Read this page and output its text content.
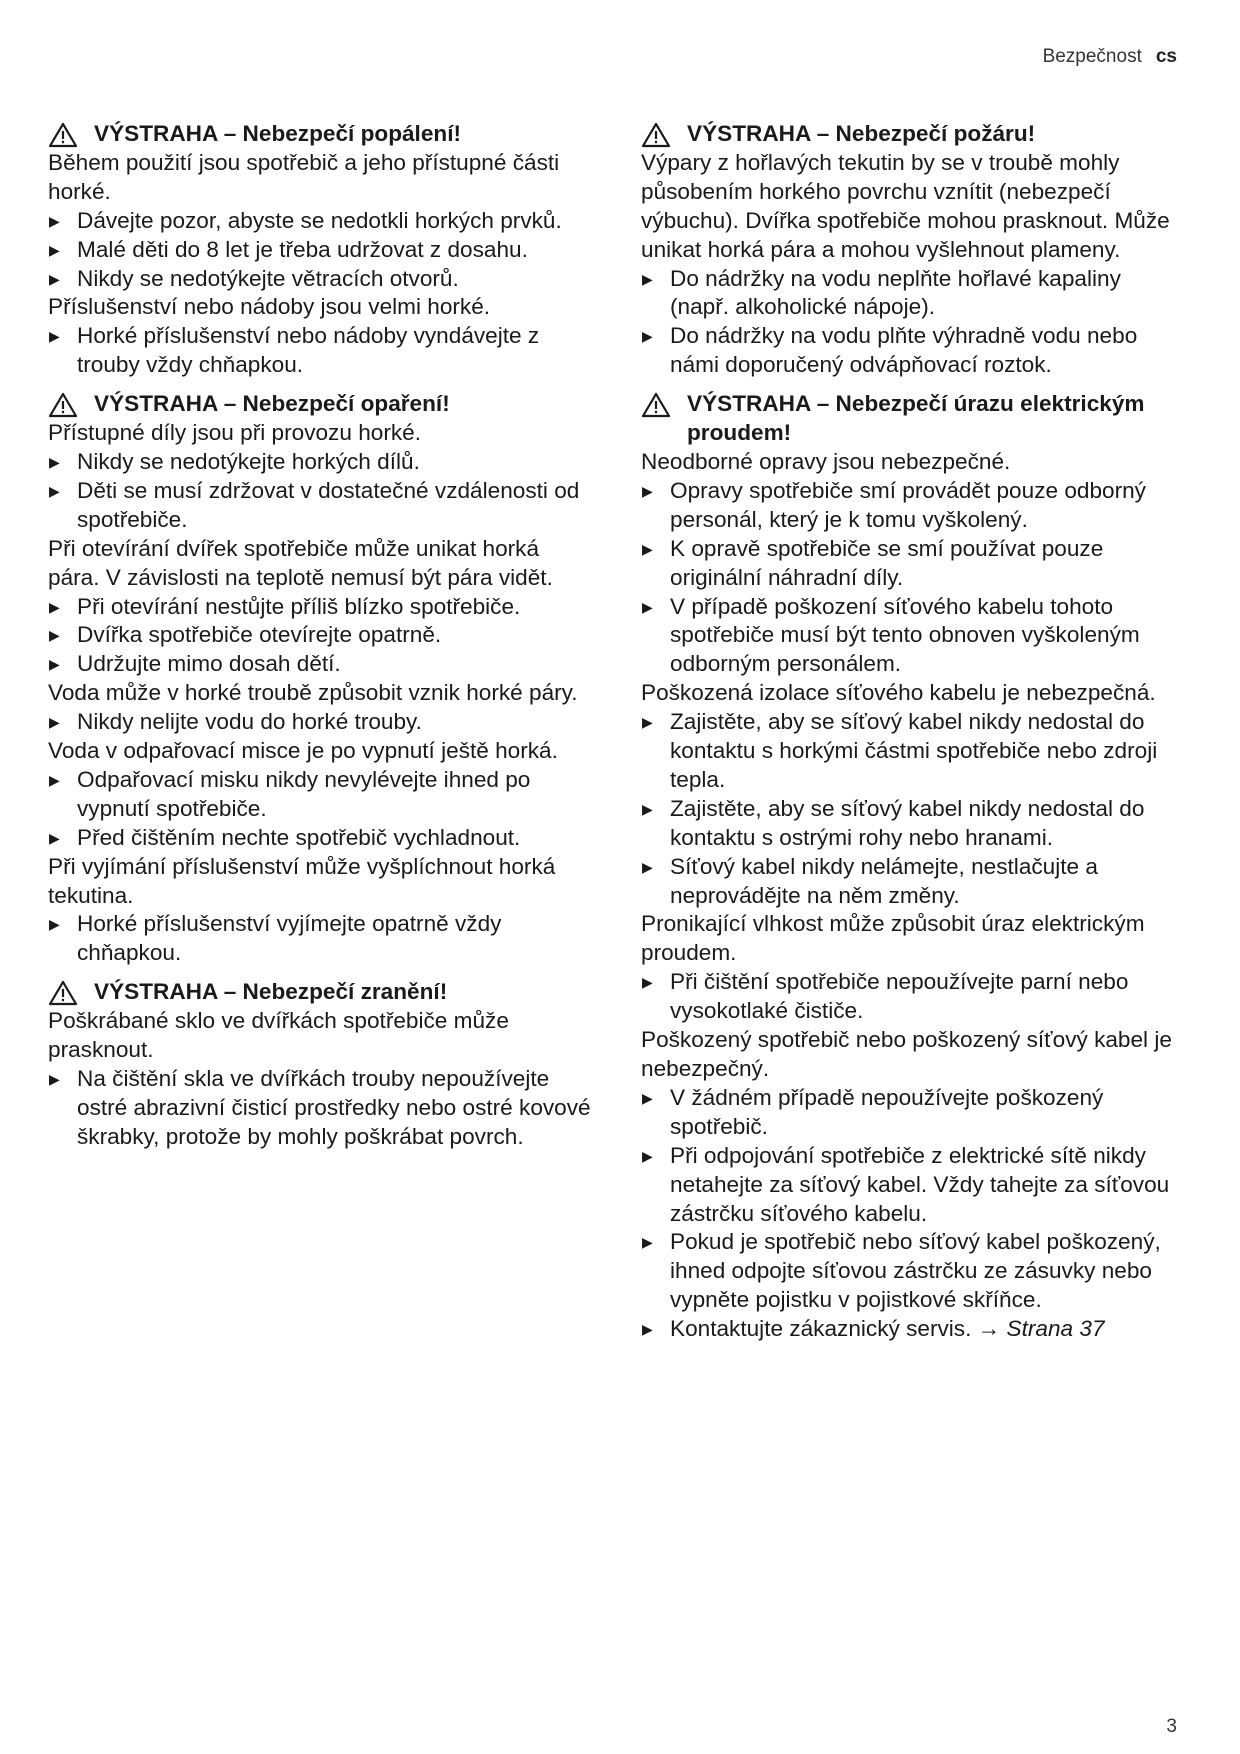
Bezpečnost cs
VÝSTRAHA – Nebezpečí popálení!
Během použití jsou spotřebič a jeho přístupné části horké.
▶ Dávejte pozor, abyste se nedotkli horkých prvků.
▶ Malé děti do 8 let je třeba udržovat z dosahu.
▶ Nikdy se nedotýkejte větracích otvorů.
Příslušenství nebo nádoby jsou velmi horké.
▶ Horké příslušenství nebo nádoby vyndávejte z trouby vždy chňapkou.
VÝSTRAHA – Nebezpečí opaření!
Přístupné díly jsou při provozu horké.
▶ Nikdy se nedotýkejte horkých dílů.
▶ Děti se musí zdržovat v dostatečné vzdálenosti od spotřebiče.
Při otevírání dvířek spotřebiče může unikat horká pára. V závislosti na teplotě nemusí být pára vidět.
▶ Při otevírání nestůjte příliš blízko spotřebiče.
▶ Dvířka spotřebiče otevírejte opatrně.
▶ Udržujte mimo dosah dětí.
Voda může v horké troubě způsobit vznik horké páry.
▶ Nikdy nelijte vodu do horké trouby.
Voda v odpařovací misce je po vypnutí ještě horká.
▶ Odpařovací misku nikdy nevylévejte ihned po vypnutí spotřebiče.
▶ Před čištěním nechte spotřebič vychladnout.
Při vyjímání příslušenství může vyšplíchnout horká tekutina.
▶ Horké příslušenství vyjímejte opatrně vždy chňapkou.
VÝSTRAHA – Nebezpečí zranění!
Poškrábané sklo ve dvířkách spotřebiče může prasknout.
▶ Na čištění skla ve dvířkách trouby nepoužívejte ostré abrazivní čisticí prostředky nebo ostré kovové škrabky, protože by mohly poškrábat povrch.
VÝSTRAHA – Nebezpečí požáru!
Výpary z hořlavých tekutin by se v troubě mohly působením horkého povrchu vznítit (nebezpečí výbuchu). Dvířka spotřebiče mohou prasknout. Může unikat horká pára a mohou vyšlehnout plameny.
▶ Do nádržky na vodu neplňte hořlavé kapaliny (např. alkoholické nápoje).
▶ Do nádržky na vodu plňte výhradně vodu nebo námi doporučený odvápňovací roztok.
VÝSTRAHA – Nebezpečí úrazu elektrickým proudem!
Neodborné opravy jsou nebezpečné.
▶ Opravy spotřebiče smí provádět pouze odborný personál, který je k tomu vyškolený.
▶ K opravě spotřebiče se smí používat pouze originální náhradní díly.
▶ V případě poškození síťového kabelu tohoto spotřebiče musí být tento obnoven vyškoleným odborným personálem.
Poškozená izolace síťového kabelu je nebezpečná.
▶ Zajistěte, aby se síťový kabel nikdy nedostal do kontaktu s horkými částmi spotřebiče nebo zdroji tepla.
▶ Zajistěte, aby se síťový kabel nikdy nedostal do kontaktu s ostrými rohy nebo hranami.
▶ Síťový kabel nikdy nelámejte, nestlačujte a neprovádějte na něm změny.
Pronikající vlhkost může způsobit úraz elektrickým proudem.
▶ Při čištění spotřebiče nepoužívejte parní nebo vysokotlaké čističe.
Poškozený spotřebič nebo poškozený síťový kabel je nebezpečný.
▶ V žádném případě nepoužívejte poškozený spotřebič.
▶ Při odpojování spotřebiče z elektrické sítě nikdy netahejte za síťový kabel. Vždy tahejte za síťovou zástrčku síťového kabelu.
▶ Pokud je spotřebič nebo síťový kabel poškozený, ihned odpojte síťovou zástrčku ze zásuvky nebo vypněte pojistku v pojistkové skříňce.
▶ Kontaktujte zákaznický servis. → Strana 37
3
